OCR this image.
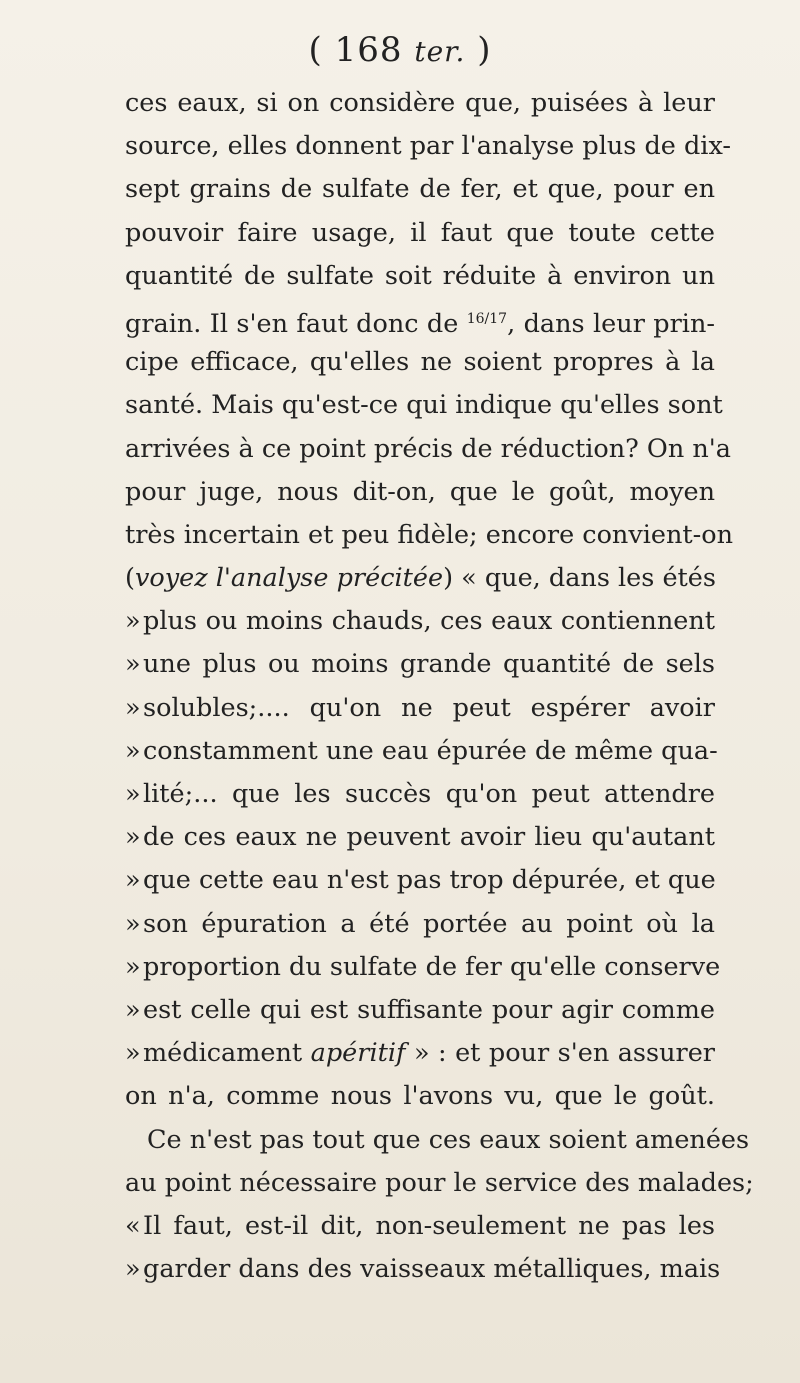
( 168 ter. )
ces eaux, si on considère que, puisées à leur
source, elles donnent par l'analyse plus de dix-
sept grains de sulfate de fer, et que, pour en
pouvoir faire usage, il faut que toute cette
quantité de sulfate soit réduite à environ un
grain. Il s'en faut donc de $^{16/17}$, dans leur prin-
cipe efficace, qu'elles ne soient propres à la
santé. Mais qu'est-ce qui indique qu'elles sont
arrivées à ce point précis de réduction? On n'a
pour juge, nous dit-on, que le goût, moyen
très incertain et peu fidèle; encore convient-on
(voyez l'analyse précitée) « que, dans les étés
»plus ou moins chauds, ces eaux contiennent
»une plus ou moins grande quantité de sels
»solubles;.... qu'on ne peut espérer avoir
»constamment une eau épurée de même qua-
»lité;... que les succès qu'on peut attendre
»de ces eaux ne peuvent avoir lieu qu'autant
»que cette eau n'est pas trop dépurée, et que
»son épuration a été portée au point où la
»proportion du sulfate de fer qu'elle conserve
»est celle qui est suffisante pour agir comme
»médicament apéritif » : et pour s'en assurer
on n'a, comme nous l'avons vu, que le goût.
Ce n'est pas tout que ces eaux soient amenées
au point nécessaire pour le service des malades;
«Il faut, est-il dit, non-seulement ne pas les
»garder dans des vaisseaux métalliques, mais
